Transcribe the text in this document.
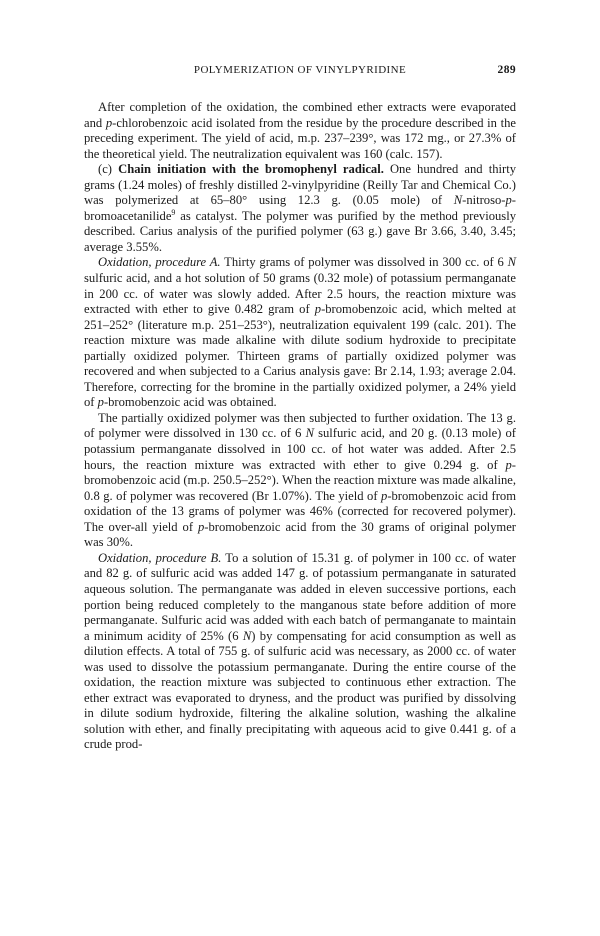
POLYMERIZATION OF VINYLPYRIDINE	289

After completion of the oxidation, the combined ether extracts were evaporated and p-chlorobenzoic acid isolated from the residue by the procedure described in the preceding experiment. The yield of acid, m.p. 237–239°, was 172 mg., or 27.3% of the theoretical yield. The neutralization equivalent was 160 (calc. 157).

(c) Chain initiation with the bromophenyl radical. One hundred and thirty grams (1.24 moles) of freshly distilled 2-vinylpyridine (Reilly Tar and Chemical Co.) was polymerized at 65–80° using 12.3 g. (0.05 mole) of N-nitroso-p-bromoacetanilide$^9$ as catalyst. The polymer was purified by the method previously described. Carius analysis of the purified polymer (63 g.) gave Br 3.66, 3.40, 3.45; average 3.55%.

Oxidation, procedure A. Thirty grams of polymer was dissolved in 300 cc. of 6 N sulfuric acid, and a hot solution of 50 grams (0.32 mole) of potassium permanganate in 200 cc. of water was slowly added. After 2.5 hours, the reaction mixture was extracted with ether to give 0.482 gram of p-bromobenzoic acid, which melted at 251–252° (literature m.p. 251–253°), neutralization equivalent 199 (calc. 201). The reaction mixture was made alkaline with dilute sodium hydroxide to precipitate partially oxidized polymer. Thirteen grams of partially oxidized polymer was recovered and when subjected to a Carius analysis gave: Br 2.14, 1.93; average 2.04. Therefore, correcting for the bromine in the partially oxidized polymer, a 24% yield of p-bromobenzoic acid was obtained.

The partially oxidized polymer was then subjected to further oxidation. The 13 g. of polymer were dissolved in 130 cc. of 6 N sulfuric acid, and 20 g. (0.13 mole) of potassium permanganate dissolved in 100 cc. of hot water was added. After 2.5 hours, the reaction mixture was extracted with ether to give 0.294 g. of p-bromobenzoic acid (m.p. 250.5–252°). When the reaction mixture was made alkaline, 0.8 g. of polymer was recovered (Br 1.07%). The yield of p-bromobenzoic acid from oxidation of the 13 grams of polymer was 46% (corrected for recovered polymer). The over-all yield of p-bromobenzoic acid from the 30 grams of original polymer was 30%.

Oxidation, procedure B. To a solution of 15.31 g. of polymer in 100 cc. of water and 82 g. of sulfuric acid was added 147 g. of potassium permanganate in saturated aqueous solution. The permanganate was added in eleven successive portions, each portion being reduced completely to the manganous state before addition of more permanganate. Sulfuric acid was added with each batch of permanganate to maintain a minimum acidity of 25% (6 N) by compensating for acid consumption as well as dilution effects. A total of 755 g. of sulfuric acid was necessary, as 2000 cc. of water was used to dissolve the potassium permanganate. During the entire course of the oxidation, the reaction mixture was subjected to continuous ether extraction. The ether extract was evaporated to dryness, and the product was purified by dissolving in dilute sodium hydroxide, filtering the alkaline solution, washing the alkaline solution with ether, and finally precipitating with aqueous acid to give 0.441 g. of a crude prod-
